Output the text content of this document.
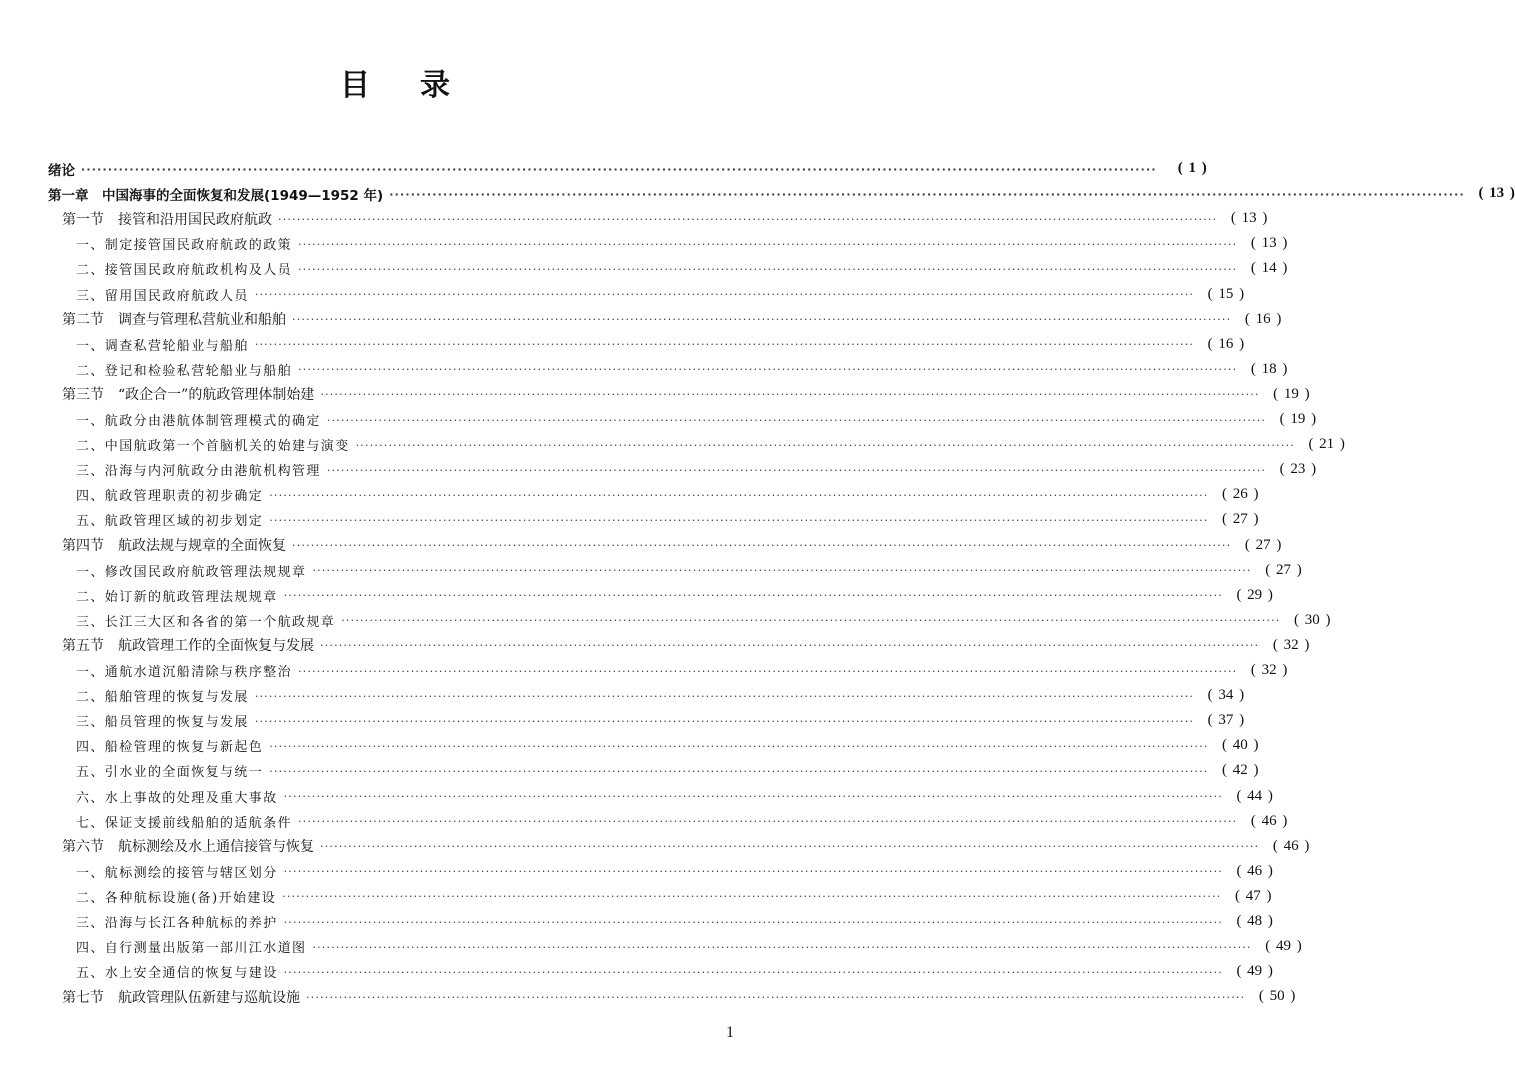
目 录
绪论 ········································································································································································································	( 1 )
第一章　中国海事的全面恢复和发展(1949—1952 年) ········································································································································································································ ( 13 )
第一节　接管和沿用国民政府航政 ········································································································································································································ ( 13 )
一、制定接管国民政府航政的政策 ········································································································································································································ ( 13 )
二、接管国民政府航政机构及人员 ········································································································································································································ ( 14 )
三、留用国民政府航政人员 ········································································································································································································ ( 15 )
第二节　调查与管理私营航业和船舶 ········································································································································································································ ( 16 )
一、调查私营轮船业与船舶 ········································································································································································································ ( 16 )
二、登记和检验私营轮船业与船舶 ········································································································································································································ ( 18 )
第三节　“政企合一”的航政管理体制始建 ········································································································································································································ ( 19 )
一、航政分由港航体制管理模式的确定 ········································································································································································································ ( 19 )
二、中国航政第一个首脑机关的始建与演变 ········································································································································································································ ( 21 )
三、沿海与内河航政分由港航机构管理 ········································································································································································································ ( 23 )
四、航政管理职责的初步确定 ········································································································································································································ ( 26 )
五、航政管理区域的初步划定 ········································································································································································································ ( 27 )
第四节　航政法规与规章的全面恢复 ········································································································································································································ ( 27 )
一、修改国民政府航政管理法规规章 ········································································································································································································ ( 27 )
二、始订新的航政管理法规规章 ········································································································································································································ ( 29 )
三、长江三大区和各省的第一个航政规章 ········································································································································································································ ( 30 )
第五节　航政管理工作的全面恢复与发展 ········································································································································································································ ( 32 )
一、通航水道沉船清除与秩序整治 ········································································································································································································ ( 32 )
二、船舶管理的恢复与发展 ········································································································································································································ ( 34 )
三、船员管理的恢复与发展 ········································································································································································································ ( 37 )
四、船检管理的恢复与新起色 ········································································································································································································ ( 40 )
五、引水业的全面恢复与统一 ········································································································································································································ ( 42 )
六、水上事故的处理及重大事故 ········································································································································································································ ( 44 )
七、保证支援前线船舶的适航条件 ········································································································································································································ ( 46 )
第六节　航标测绘及水上通信接管与恢复 ········································································································································································································ ( 46 )
一、航标测绘的接管与辖区划分 ········································································································································································································ ( 46 )
二、各种航标设施(备)开始建设 ········································································································································································································ ( 47 )
三、沿海与长江各种航标的养护 ········································································································································································································ ( 48 )
四、自行测量出版第一部川江水道图 ········································································································································································································ ( 49 )
五、水上安全通信的恢复与建设 ········································································································································································································ ( 49 )
第七节　航政管理队伍新建与巡航设施 ········································································································································································································ ( 50 )
1
